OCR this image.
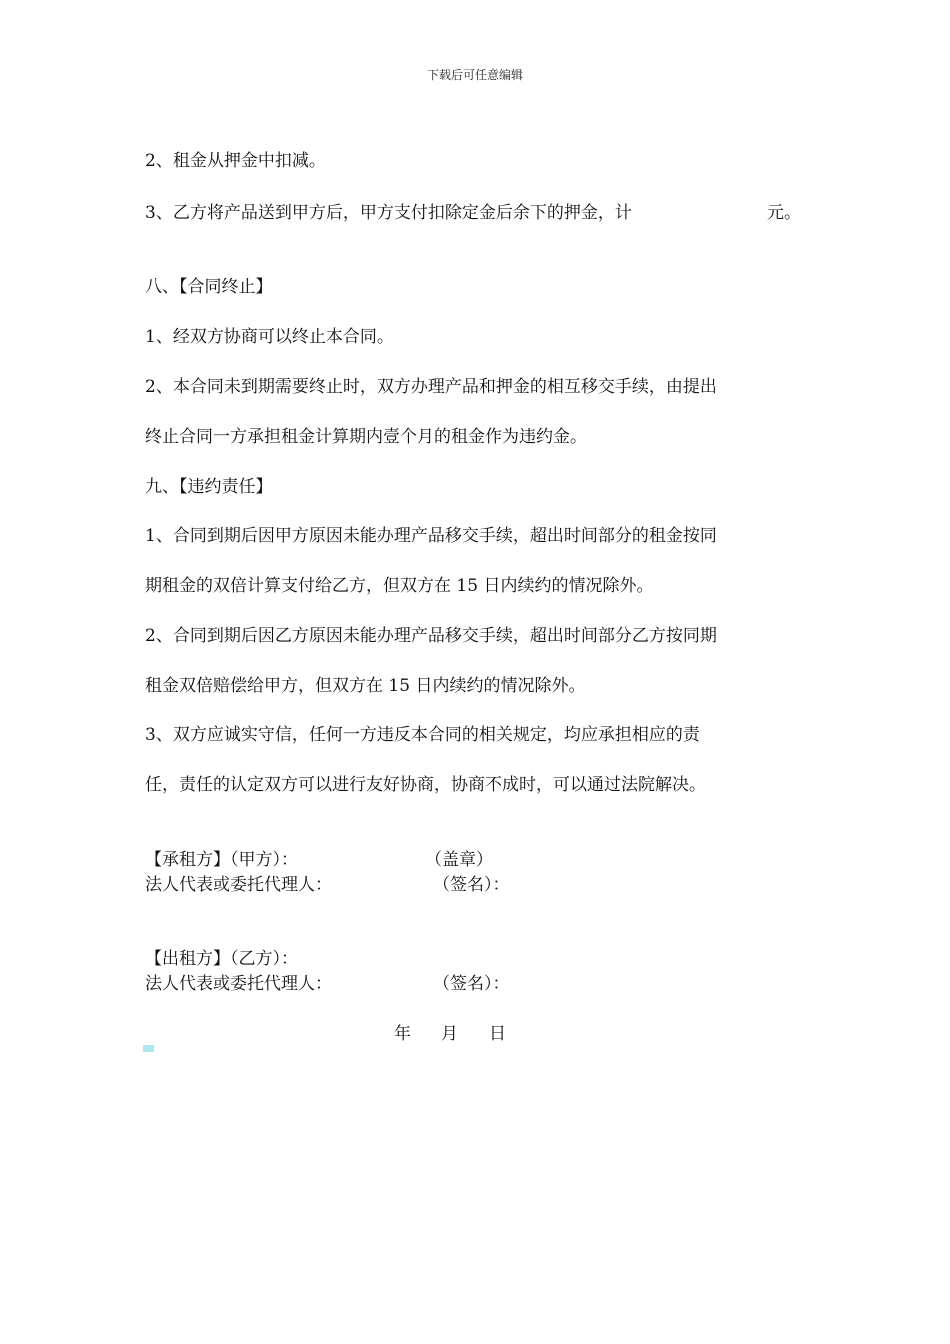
下载后可任意编辑
2、租金从押金中扣减。
3、乙方将产品送到甲方后，甲方支付扣除定金后余下的押金，计	元。
八、【合同终止】
1、经双方协商可以终止本合同。
2、本合同未到期需要终止时，双方办理产品和押金的相互移交手续，由提出
终止合同一方承担租金计算期内壹个月的租金作为违约金。
九、【违约责任】
1、合同到期后因甲方原因未能办理产品移交手续，超出时间部分的租金按同
期租金的双倍计算支付给乙方，但双方在 15 日内续约的情况除外。
2、合同到期后因乙方原因未能办理产品移交手续，超出时间部分乙方按同期
租金双倍赔偿给甲方，但双方在 15 日内续约的情况除外。
3、双方应诚实守信，任何一方违反本合同的相关规定，均应承担相应的责
任，责任的认定双方可以进行友好协商，协商不成时，可以通过法院解决。
【承租方】（甲方）：	（盖章）
法人代表或委托代理人：	（签名）：
【出租方】（乙方）：
法人代表或委托代理人：	（签名）：
年 月 日
